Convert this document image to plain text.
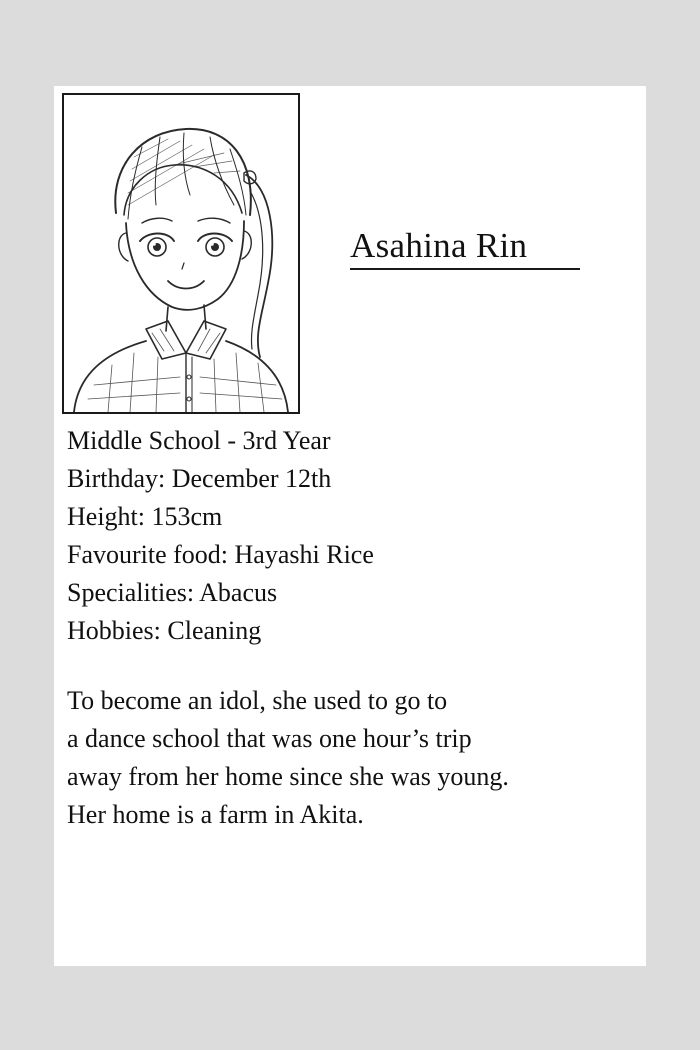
Asahina Rin
Middle School - 3rd Year
Birthday: December 12th
Height: 153cm
Favourite food: Hayashi Rice
Specialities: Abacus
Hobbies: Cleaning
To become an idol, she used to go to
a dance school that was one hour’s trip
away from her home since she was young.
Her home is a farm in Akita.
